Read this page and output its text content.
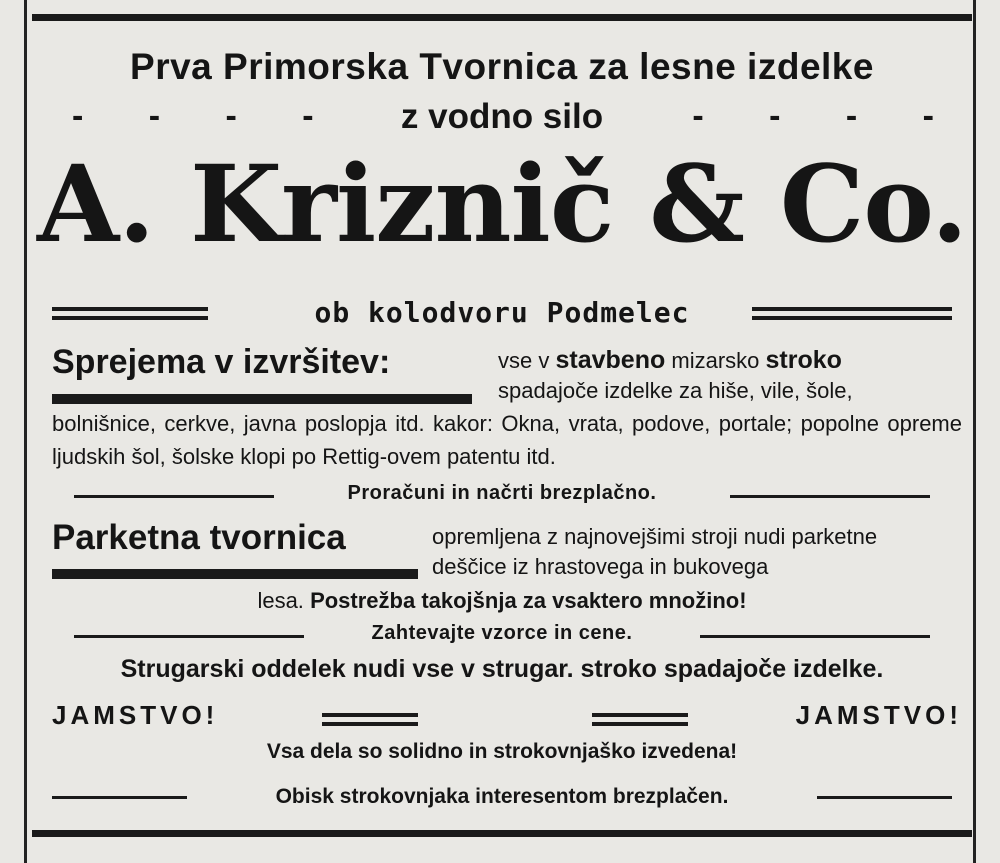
Prva Primorska Tvornica za lesne izdelke
- - - -	z vodno silo	- - - -
A. Kriznič & Co.
ob kolodvoru Podmelec
Sprejema v izvršitev:	vse v stavbeno mizarsko stroko
spadajoče izdelke za hiše, vile, šole,
bolnišnice, cerkve, javna poslopja itd. kakor: Okna, vrata, podove, portale; popolne opreme ljudskih šol, šolske klopi po Rettig-ovem patentu itd.
Proračuni in načrti brezplačno.
Parketna tvornica	opremljena z najnovejšimi stroji nudi parketne deščice iz hrastovega in bukovega
lesa. Postrežba takojšnja za vsaktero množino!
Zahtevajte vzorce in cene.
Strugarski oddelek nudi vse v strugar. stroko spadajoče izdelke.
JAMSTVO!	JAMSTVO!
Vsa dela so solidno in strokovnjaško izvedena!
Obisk strokovnjaka interesentom brezplačen.
